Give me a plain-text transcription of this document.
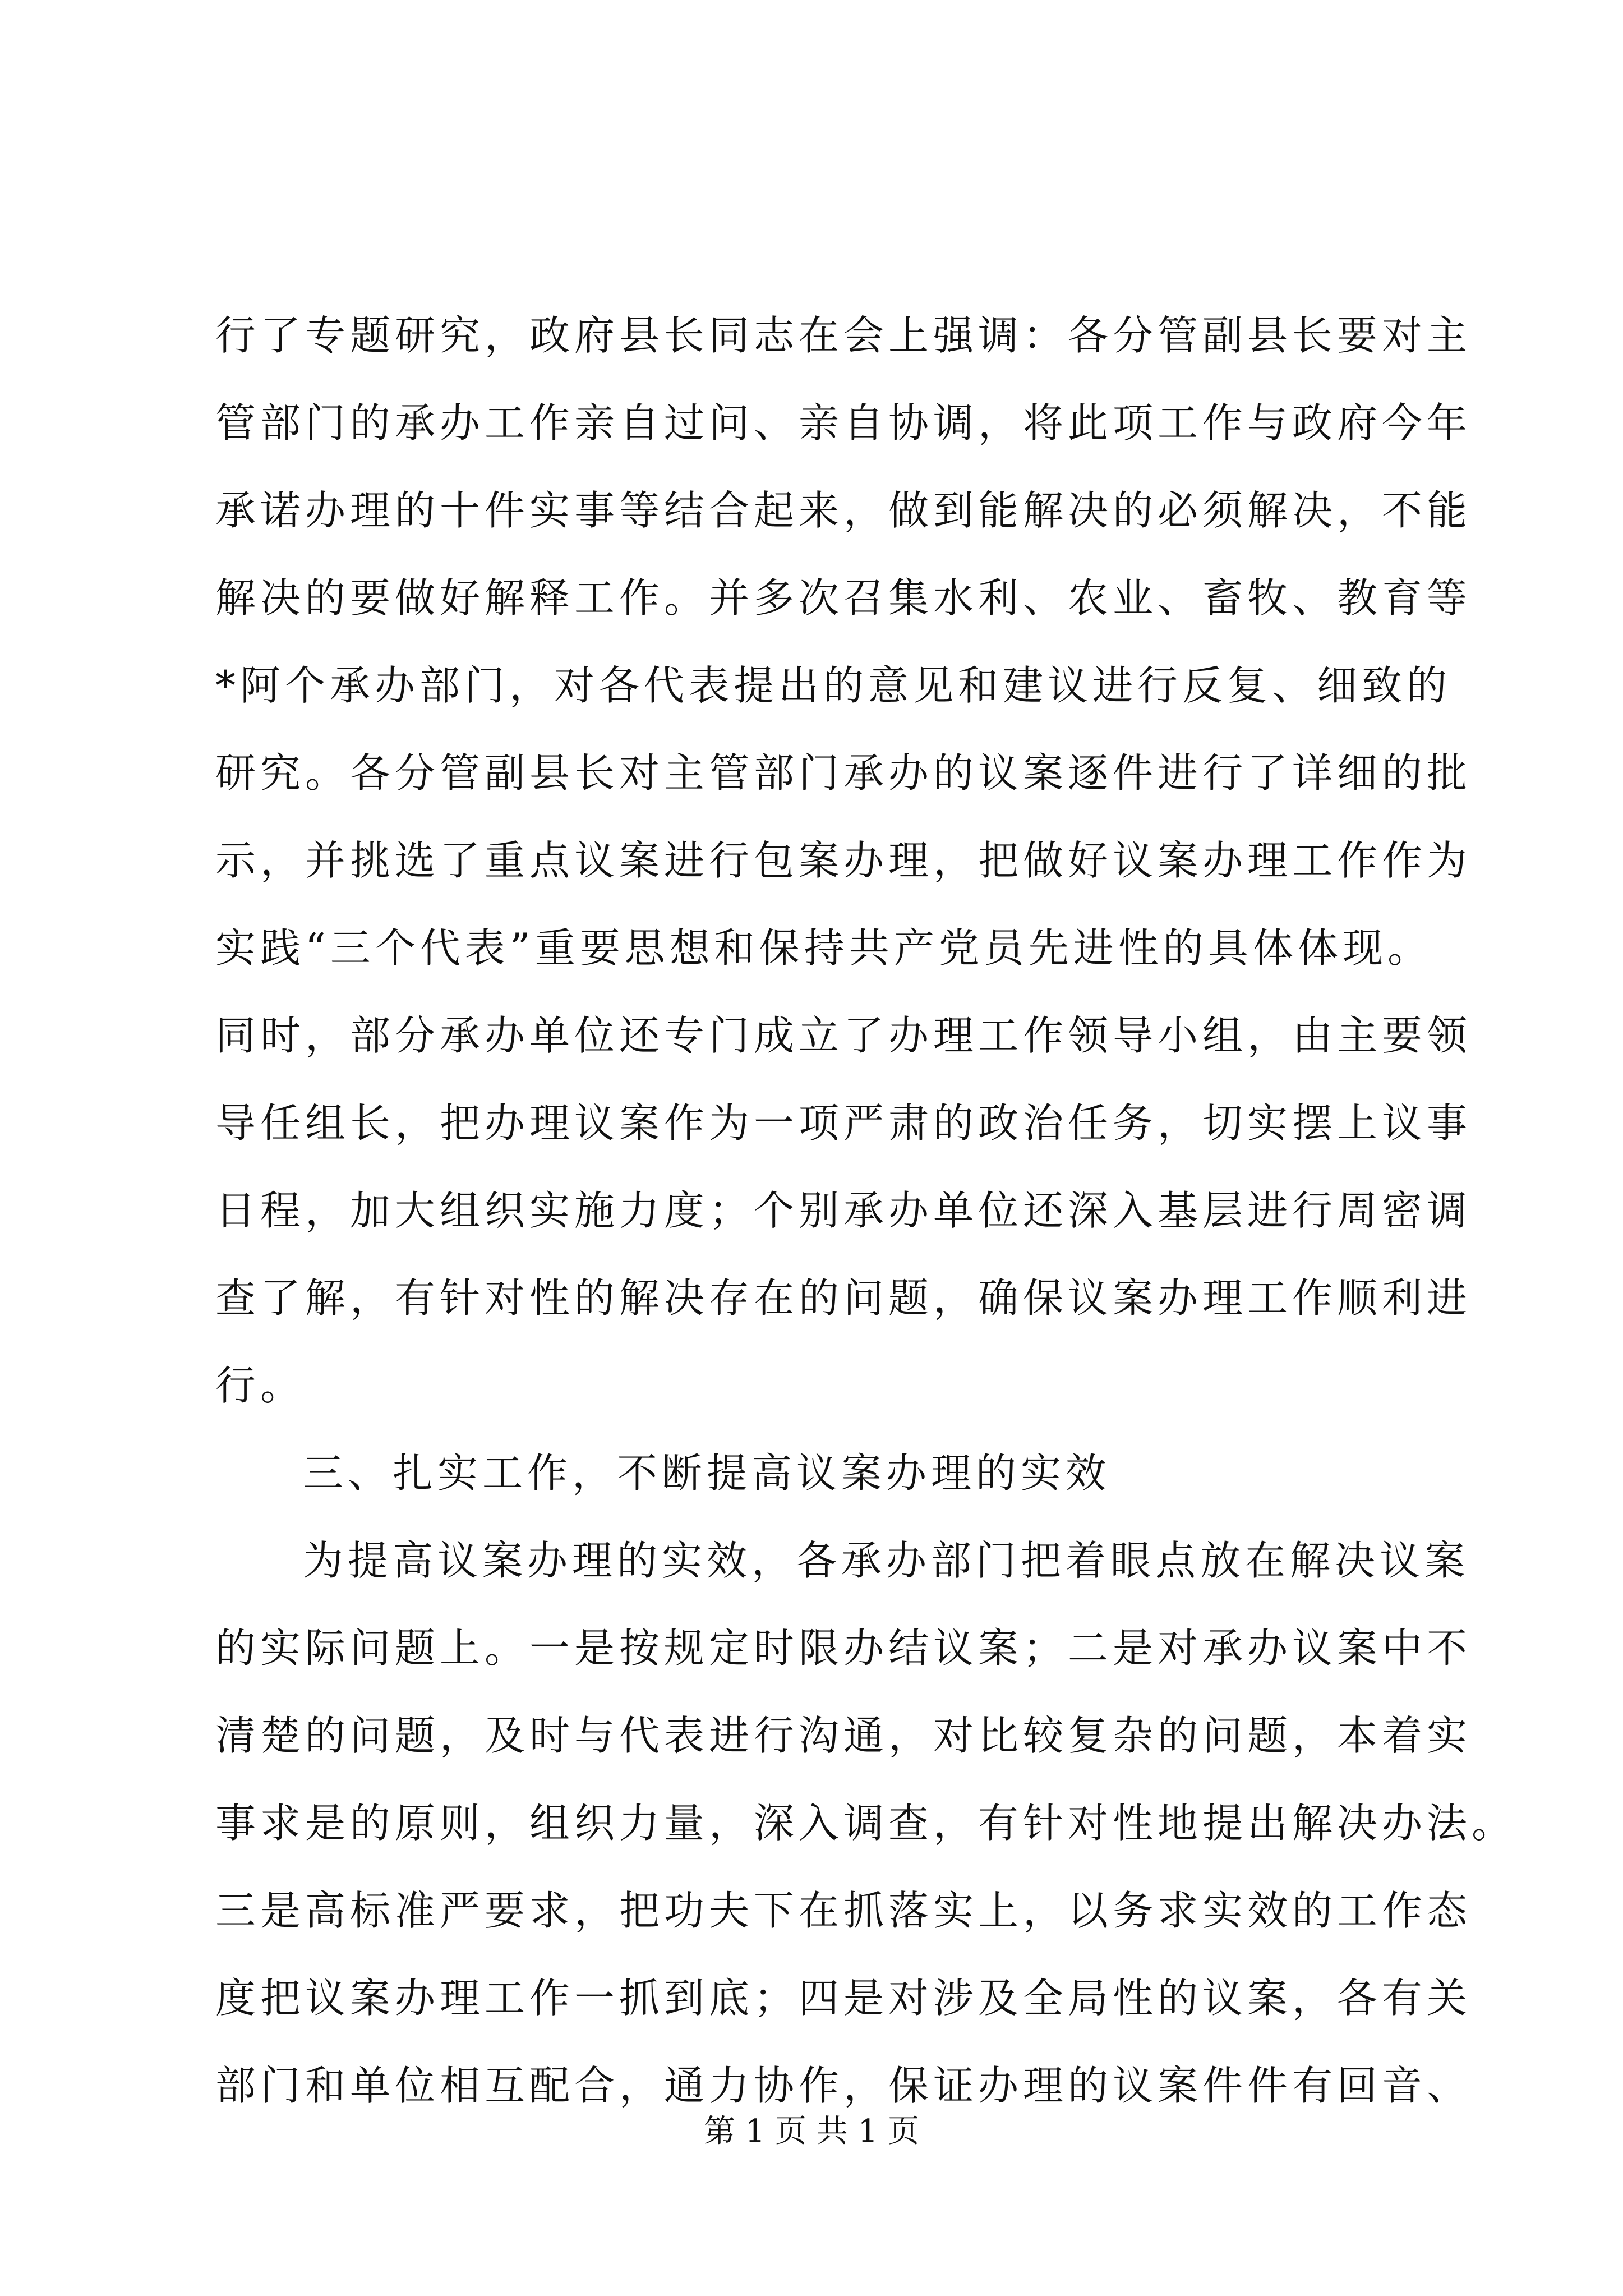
行了专题研究，政府县长同志在会上强调：各分管副县长要对主
管部门的承办工作亲自过问、亲自协调，将此项工作与政府今年
承诺办理的十件实事等结合起来，做到能解决的必须解决，不能
解决的要做好解释工作。并多次召集水利、农业、畜牧、教育等
*阿个承办部门，对各代表提出的意见和建议进行反复、细致的
研究。各分管副县长对主管部门承办的议案逐件进行了详细的批
示，并挑选了重点议案进行包案办理，把做好议案办理工作作为
实践“三个代表”重要思想和保持共产党员先进性的具体体现。
同时，部分承办单位还专门成立了办理工作领导小组，由主要领
导任组长，把办理议案作为一项严肃的政治任务，切实摆上议事
日程，加大组织实施力度；个别承办单位还深入基层进行周密调
查了解，有针对性的解决存在的问题，确保议案办理工作顺利进
行。
三、扎实工作，不断提高议案办理的实效
为提高议案办理的实效，各承办部门把着眼点放在解决议案
的实际问题上。一是按规定时限办结议案；二是对承办议案中不
清楚的问题，及时与代表进行沟通，对比较复杂的问题，本着实
事求是的原则，组织力量，深入调查，有针对性地提出解决办法。
三是高标准严要求，把功夫下在抓落实上，以务求实效的工作态
度把议案办理工作一抓到底；四是对涉及全局性的议案，各有关
部门和单位相互配合，通力协作，保证办理的议案件件有回音、
第 1 页 共 1 页
